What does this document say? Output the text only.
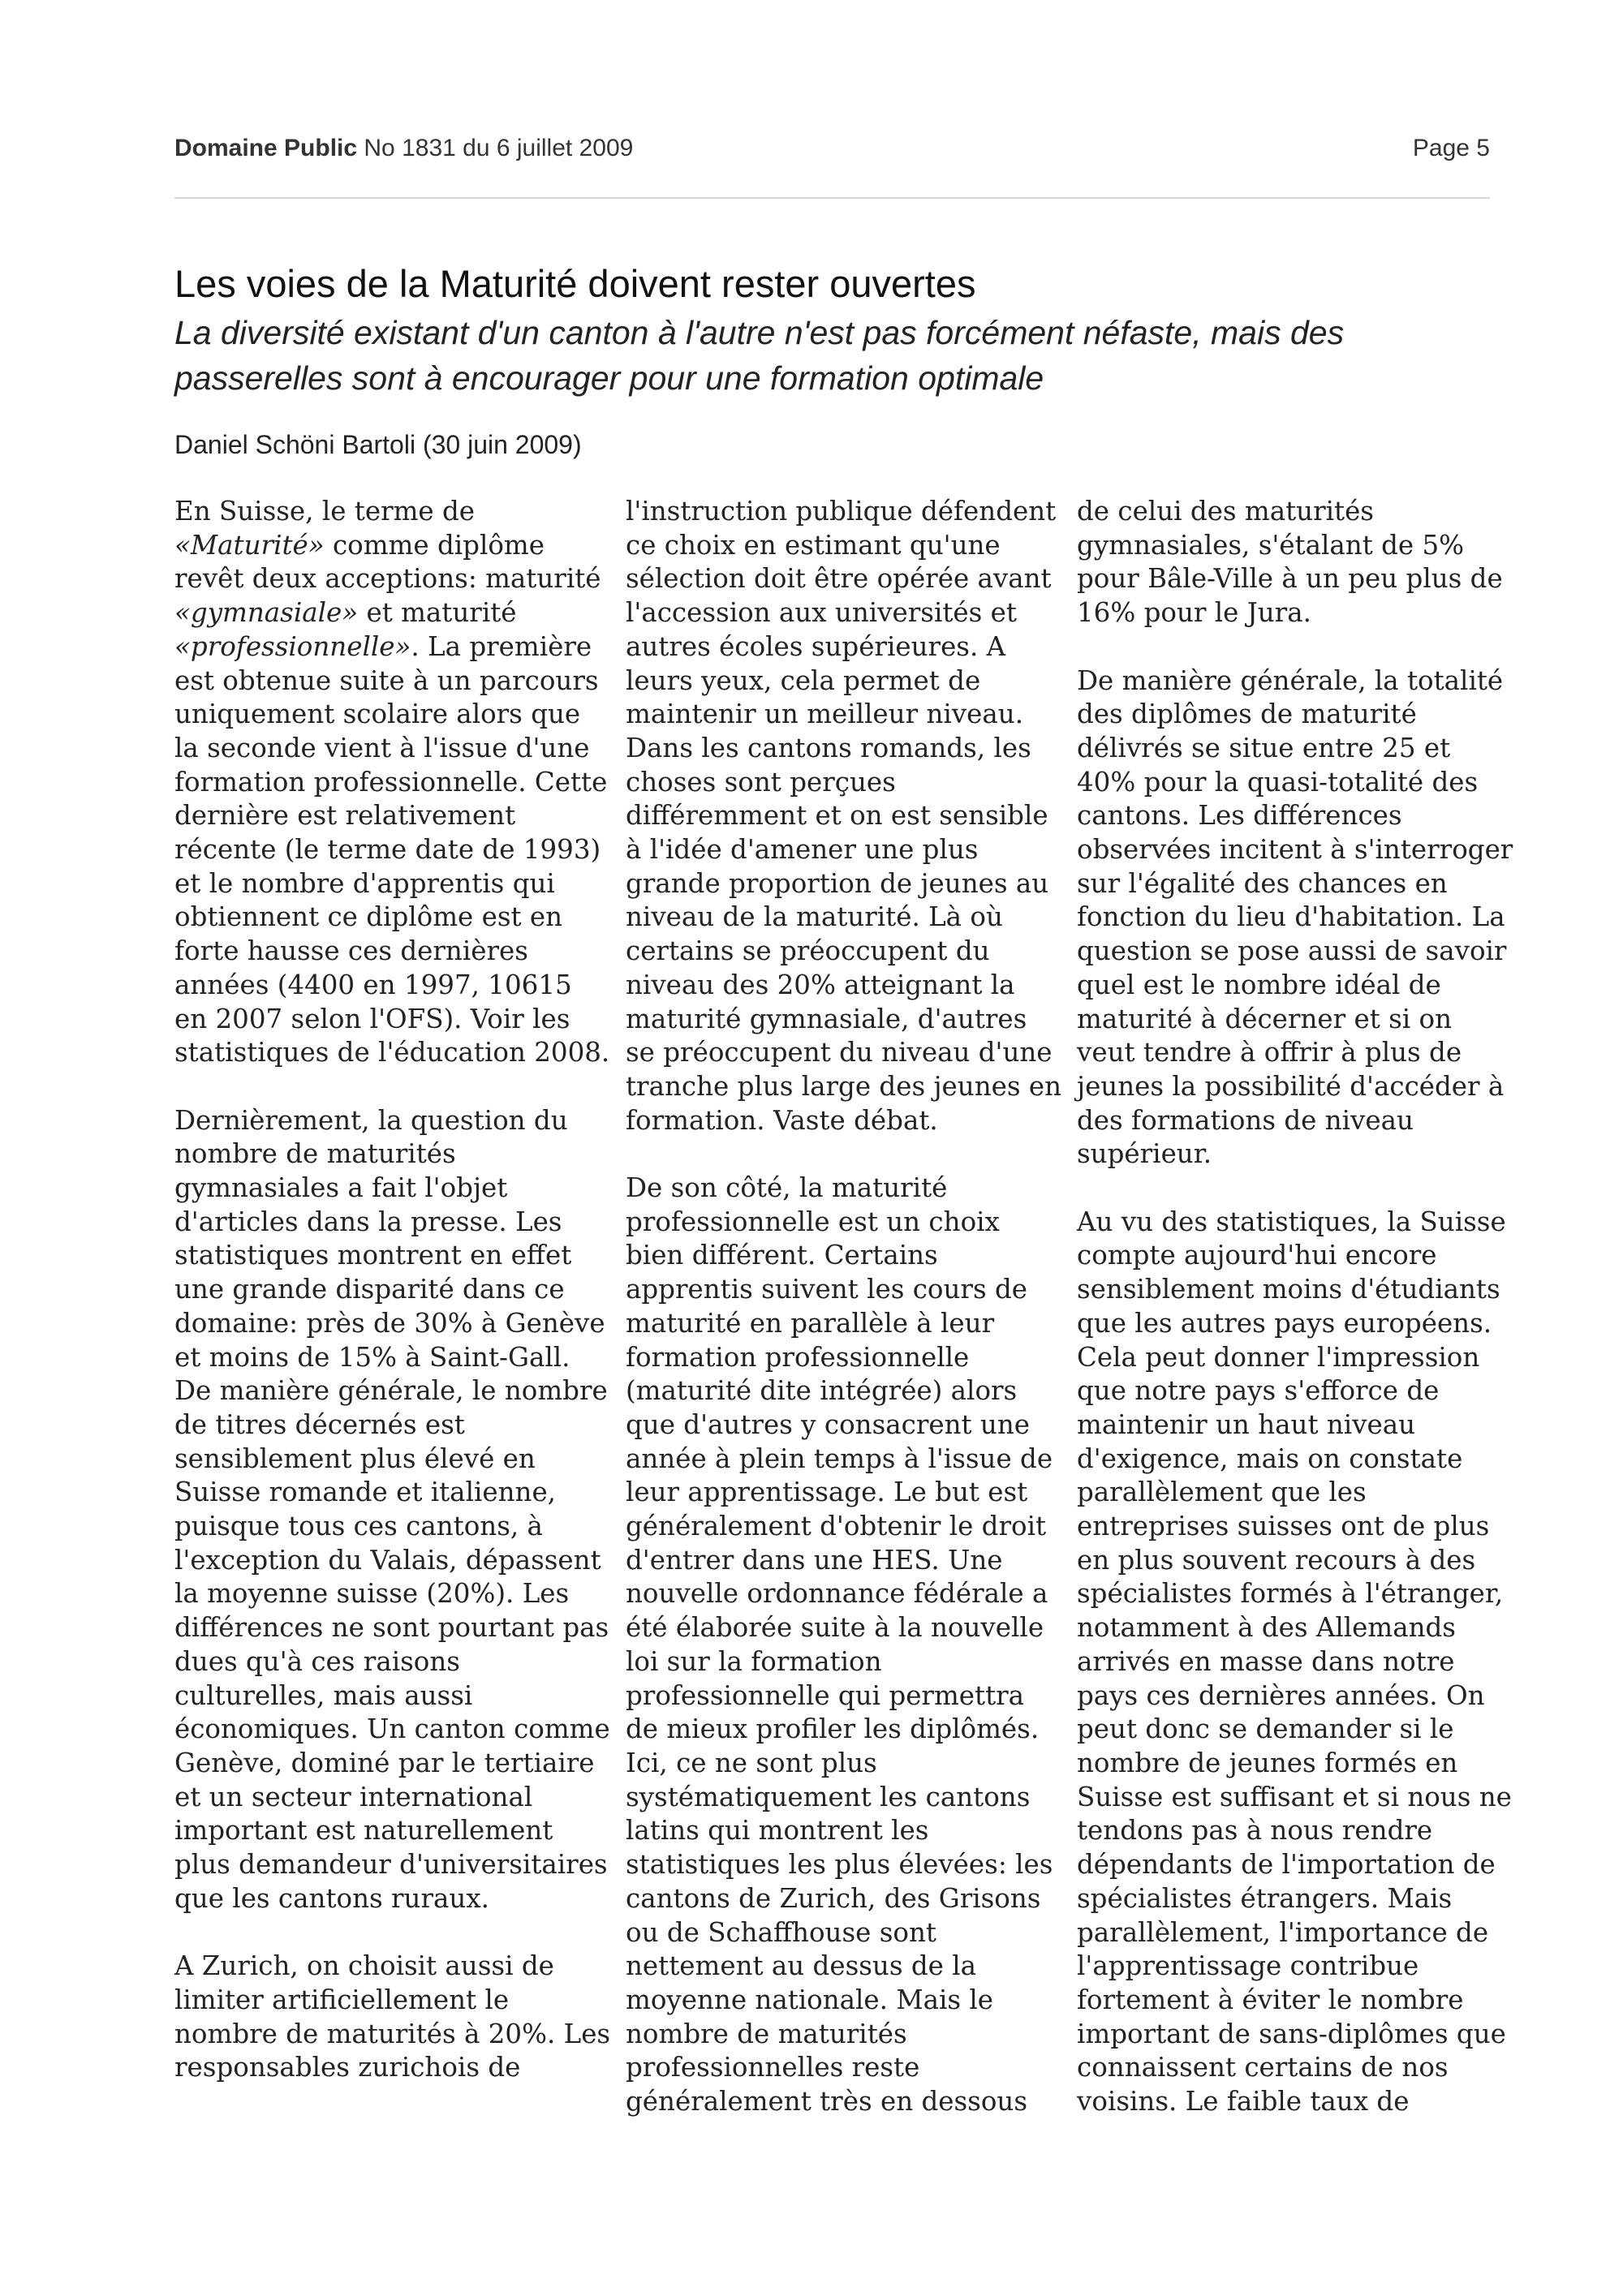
Domaine Public No 1831 du 6 juillet 2009	Page 5
Les voies de la Maturité doivent rester ouvertes

La diversité existant d'un canton à l'autre n'est pas forcément néfaste, mais des passerelles sont à encourager pour une formation optimale

Daniel Schöni Bartoli (30 juin 2009)

En Suisse, le terme de «Maturité» comme diplôme revêt deux acceptions: maturité «gymnasiale» et maturité «professionnelle». La première est obtenue suite à un parcours uniquement scolaire alors que la seconde vient à l'issue d'une formation professionnelle. Cette dernière est relativement récente (le terme date de 1993) et le nombre d'apprentis qui obtiennent ce diplôme est en forte hausse ces dernières années (4400 en 1997, 10615 en 2007 selon l'OFS). Voir les statistiques de l'éducation 2008.

Dernièrement, la question du nombre de maturités gymnasiales a fait l'objet d'articles dans la presse. Les statistiques montrent en effet une grande disparité dans ce domaine: près de 30% à Genève et moins de 15% à Saint-Gall. De manière générale, le nombre de titres décernés est sensiblement plus élevé en Suisse romande et italienne, puisque tous ces cantons, à l'exception du Valais, dépassent la moyenne suisse (20%). Les différences ne sont pourtant pas dues qu'à ces raisons culturelles, mais aussi économiques. Un canton comme Genève, dominé par le tertiaire et un secteur international important est naturellement plus demandeur d'universitaires que les cantons ruraux.

A Zurich, on choisit aussi de limiter artificiellement le nombre de maturités à 20%. Les responsables zurichois de

l'instruction publique défendent ce choix en estimant qu'une sélection doit être opérée avant l'accession aux universités et autres écoles supérieures. A leurs yeux, cela permet de maintenir un meilleur niveau. Dans les cantons romands, les choses sont perçues différemment et on est sensible à l'idée d'amener une plus grande proportion de jeunes au niveau de la maturité. Là où certains se préoccupent du niveau des 20% atteignant la maturité gymnasiale, d'autres se préoccupent du niveau d'une tranche plus large des jeunes en formation. Vaste débat.

De son côté, la maturité professionnelle est un choix bien différent. Certains apprentis suivent les cours de maturité en parallèle à leur formation professionnelle (maturité dite intégrée) alors que d'autres y consacrent une année à plein temps à l'issue de leur apprentissage. Le but est généralement d'obtenir le droit d'entrer dans une HES. Une nouvelle ordonnance fédérale a été élaborée suite à la nouvelle loi sur la formation professionnelle qui permettra de mieux profiler les diplômés. Ici, ce ne sont plus systématiquement les cantons latins qui montrent les statistiques les plus élevées: les cantons de Zurich, des Grisons ou de Schaffhouse sont nettement au dessus de la moyenne nationale. Mais le nombre de maturités professionnelles reste généralement très en dessous

de celui des maturités gymnasiales, s'étalant de 5% pour Bâle-Ville à un peu plus de 16% pour le Jura.

De manière générale, la totalité des diplômes de maturité délivrés se situe entre 25 et 40% pour la quasi-totalité des cantons. Les différences observées incitent à s'interroger sur l'égalité des chances en fonction du lieu d'habitation. La question se pose aussi de savoir quel est le nombre idéal de maturité à décerner et si on veut tendre à offrir à plus de jeunes la possibilité d'accéder à des formations de niveau supérieur.

Au vu des statistiques, la Suisse compte aujourd'hui encore sensiblement moins d'étudiants que les autres pays européens. Cela peut donner l'impression que notre pays s'efforce de maintenir un haut niveau d'exigence, mais on constate parallèlement que les entreprises suisses ont de plus en plus souvent recours à des spécialistes formés à l'étranger, notamment à des Allemands arrivés en masse dans notre pays ces dernières années. On peut donc se demander si le nombre de jeunes formés en Suisse est suffisant et si nous ne tendons pas à nous rendre dépendants de l'importation de spécialistes étrangers. Mais parallèlement, l'importance de l'apprentissage contribue fortement à éviter le nombre important de sans-diplômes que connaissent certains de nos voisins. Le faible taux de
